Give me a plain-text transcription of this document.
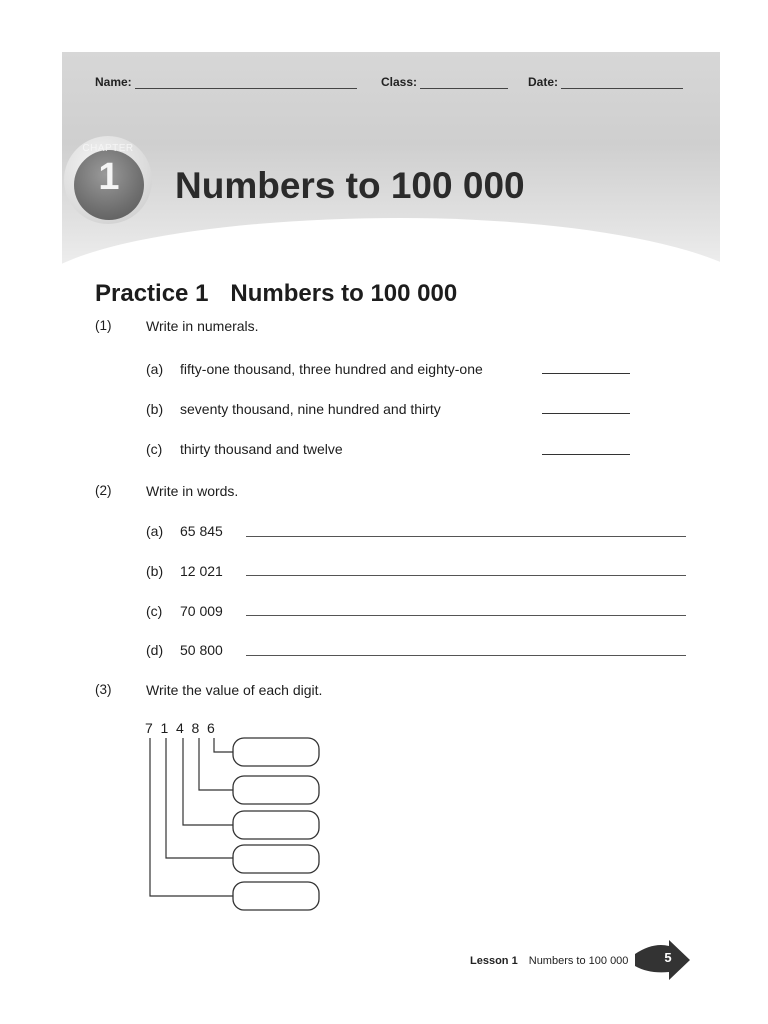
Name:	Class:	Date:
CHAPTER
1	Numbers to 100 000
Practice 1 Numbers to 100 000
(1) Write in numerals.
(a) fifty-one thousand, three hundred and eighty-one
(b) seventy thousand, nine hundred and thirty
(c) thirty thousand and twelve
(2) Write in words.
(a) 65 845
(b) 12 021
(c) 70 009
(d) 50 800
(3) Write the value of each digit.
7 1 4 8 6
Lesson 1 Numbers to 100 000	5
